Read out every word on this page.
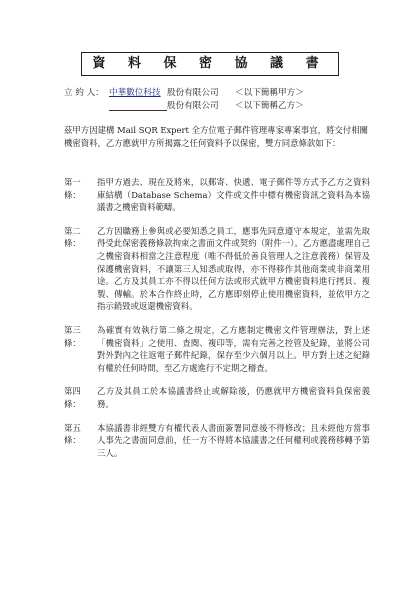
資 料 保 密 協 議 書
立 約 人： 中華數位科技 股份有限公司	＜以下簡稱甲方＞
股份有限公司	＜以下簡稱乙方＞

茲甲方因建構 Mail SQR Expert 全方位電子郵件管理專家專案事宜，將交付相關機密資料，乙方應就甲方所揭露之任何資料予以保密，雙方同意條款如下：

第一條：

指甲方過去、現在及將來，以郵寄、快遞、電子郵件等方式予乙方之資料庫結構（Database Schema）文件或文件中標有機密資訊之資料為本協議書之機密資料範疇。

第二條：

乙方因職務上參與或必要知悉之員工，應事先同意遵守本規定，並需先取得受此保密義務條款拘束之書面文件或契約（附件一）。乙方應盡處理自己之機密資料相當之注意程度（唯不得低於善良管理人之注意義務）保管及保護機密資料，不讓第三人知悉或取得，亦不得移作其他商業或非商業用途。乙方及其員工亦不得以任何方法或形式就甲方機密資料進行拷貝、複製、傳輸。於本合作終止時，乙方應即刻停止使用機密資料，並依甲方之指示銷毀或返還機密資料。

第三條：

為確實有效執行第二條之規定，乙方應制定機密文件管理辦法，對上述「機密資料」之使用、查閱、複印等，需有完善之控管及紀錄，並將公司對外對內之往返電子郵件紀錄，保存至少六個月以上。甲方對上述之紀錄有權於任何時間，至乙方處進行不定期之稽查。

第四條：

乙方及其員工於本協議書終止或解除後，仍應就甲方機密資料負保密義務。

第五條：

本協議書非經雙方有權代表人書面簽署同意後不得修改；且未經他方當事人事先之書面同意前，任一方不得將本協議書之任何權利或義務移轉予第三人。
